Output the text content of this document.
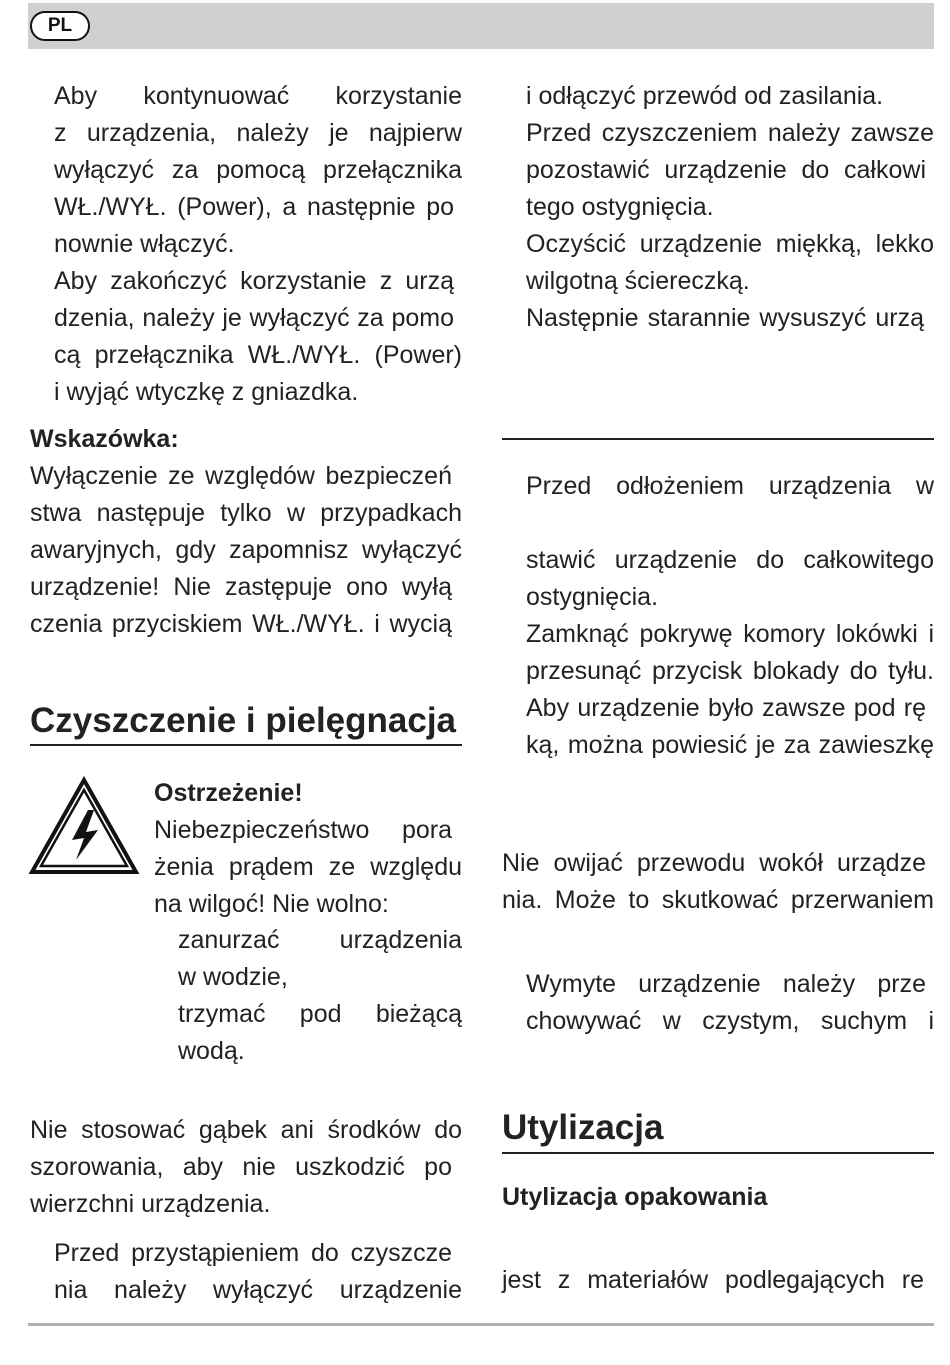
PL
Aby kontynuować korzystanie
z urządzenia, należy je najpierw
wyłączyć za pomocą przełącznika
WŁ./WYŁ. (Power), a następnie po
nownie włączyć.
Aby zakończyć korzystanie z urzą
dzenia, należy je wyłączyć za pomo
cą przełącznika WŁ./WYŁ. (Power)
i wyjąć wtyczkę z gniazdka.
Wskazówka:
Wyłączenie ze względów bezpieczeń
stwa następuje tylko w przypadkach
awaryjnych, gdy zapomnisz wyłączyć
urządzenie! Nie zastępuje ono wyłą
czenia przyciskiem WŁ./WYŁ. i wycią
Czyszczenie i pielęgnacja
Ostrzeżenie!
Niebezpieczeństwo pora
żenia prądem ze względu
na wilgoć! Nie wolno:
zanurzać urządzenia
w wodzie,
trzymać pod bieżącą
wodą.
Nie stosować gąbek ani środków do
szorowania, aby nie uszkodzić po
wierzchni urządzenia.
Przed przystąpieniem do czyszcze
nia należy wyłączyć urządzenie
i odłączyć przewód od zasilania.
Przed czyszczeniem należy zawsze
pozostawić urządzenie do całkowi
tego ostygnięcia.
Oczyścić urządzenie miękką, lekko
wilgotną ściereczką.
Następnie starannie wysuszyć urzą
Przed odłożeniem urządzenia w
stawić urządzenie do całkowitego
ostygnięcia.
Zamknąć pokrywę komory lokówki i
przesunąć przycisk blokady do tyłu.
Aby urządzenie było zawsze pod rę
ką, można powiesić je za zawieszkę
Nie owijać przewodu wokół urządze
nia. Może to skutkować przerwaniem
Wymyte urządzenie należy prze
chowywać w czystym, suchym i
Utylizacja
Utylizacja opakowania
jest z materiałów podlegających re
